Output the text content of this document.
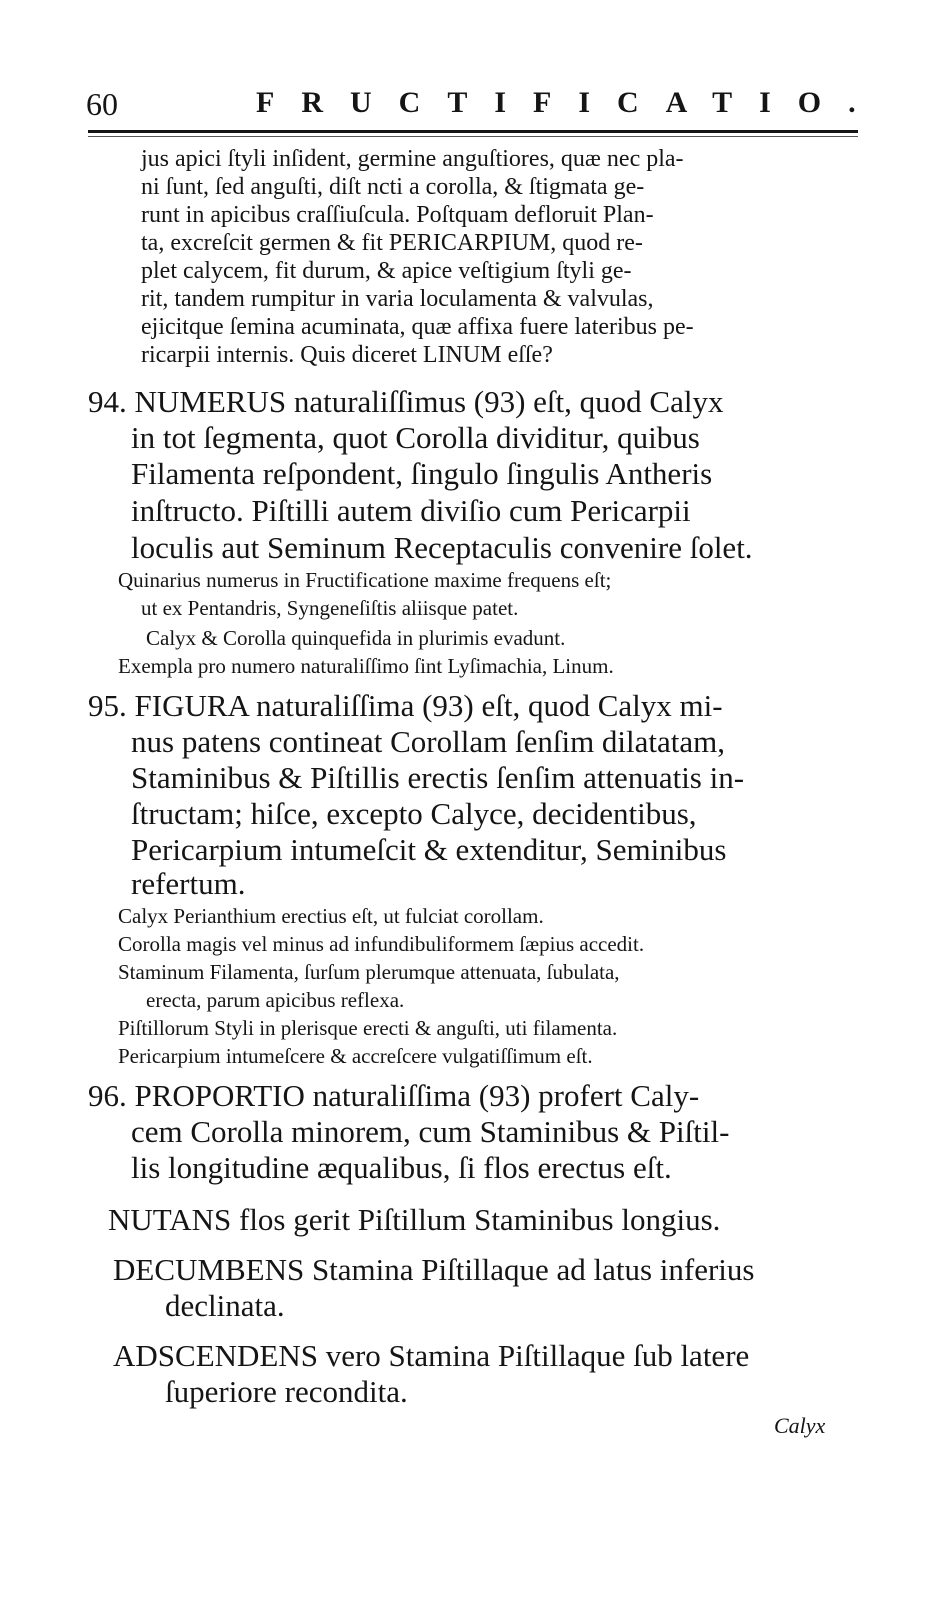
60	FRUCTIFICATIO.
jus apici ſtyli inſident, germine anguſtiores, quæ nec pla-
ni ſunt, ſed anguſti, diſt ncti a corolla, & ſtigmata ge-
runt in apicibus craſſiuſcula. Poſtquam defloruit Plan-
ta, excreſcit germen & fit PERICARPIUM, quod re-
plet calycem, fit durum, & apice veſtigium ſtyli ge-
rit, tandem rumpitur in varia loculamenta & valvulas,
ejicitque ſemina acuminata, quæ affixa fuere lateribus pe-
ricarpii internis. Quis diceret LINUM eſſe?
94. NUMERUS naturaliſſimus (93) eſt, quod Calyx
in tot ſegmenta, quot Corolla dividitur, quibus
Filamenta reſpondent, ſingulo ſingulis Antheris
inſtructo. Piſtilli autem diviſio cum Pericarpii
loculis aut Seminum Receptaculis convenire ſolet.
Quinarius numerus in Fructificatione maxime frequens eſt;
ut ex Pentandris, Syngeneſiſtis aliisque patet.
Calyx & Corolla quinquefida in plurimis evadunt.
Exempla pro numero naturaliſſimo ſint Lyſimachia, Linum.
95. FIGURA naturaliſſima (93) eſt, quod Calyx mi-
nus patens contineat Corollam ſenſim dilatatam,
Staminibus & Piſtillis erectis ſenſim attenuatis in-
ſtructam; hiſce, excepto Calyce, decidentibus,
Pericarpium intumeſcit & extenditur, Seminibus
refertum.
Calyx Perianthium erectius eſt, ut fulciat corollam.
Corolla magis vel minus ad infundibuliformem ſæpius accedit.
Staminum Filamenta, ſurſum plerumque attenuata, ſubulata,
erecta, parum apicibus reflexa.
Piſtillorum Styli in plerisque erecti & anguſti, uti filamenta.
Pericarpium intumeſcere & accreſcere vulgatiſſimum eſt.
96. PROPORTIO naturaliſſima (93) profert Caly-
cem Corolla minorem, cum Staminibus & Piſtil-
lis longitudine æqualibus, ſi flos erectus eſt.
NUTANS flos gerit Piſtillum Staminibus longius.
DECUMBENS Stamina Piſtillaque ad latus inferius
declinata.
ADSCENDENS vero Stamina Piſtillaque ſub latere
ſuperiore recondita.
Calyx
